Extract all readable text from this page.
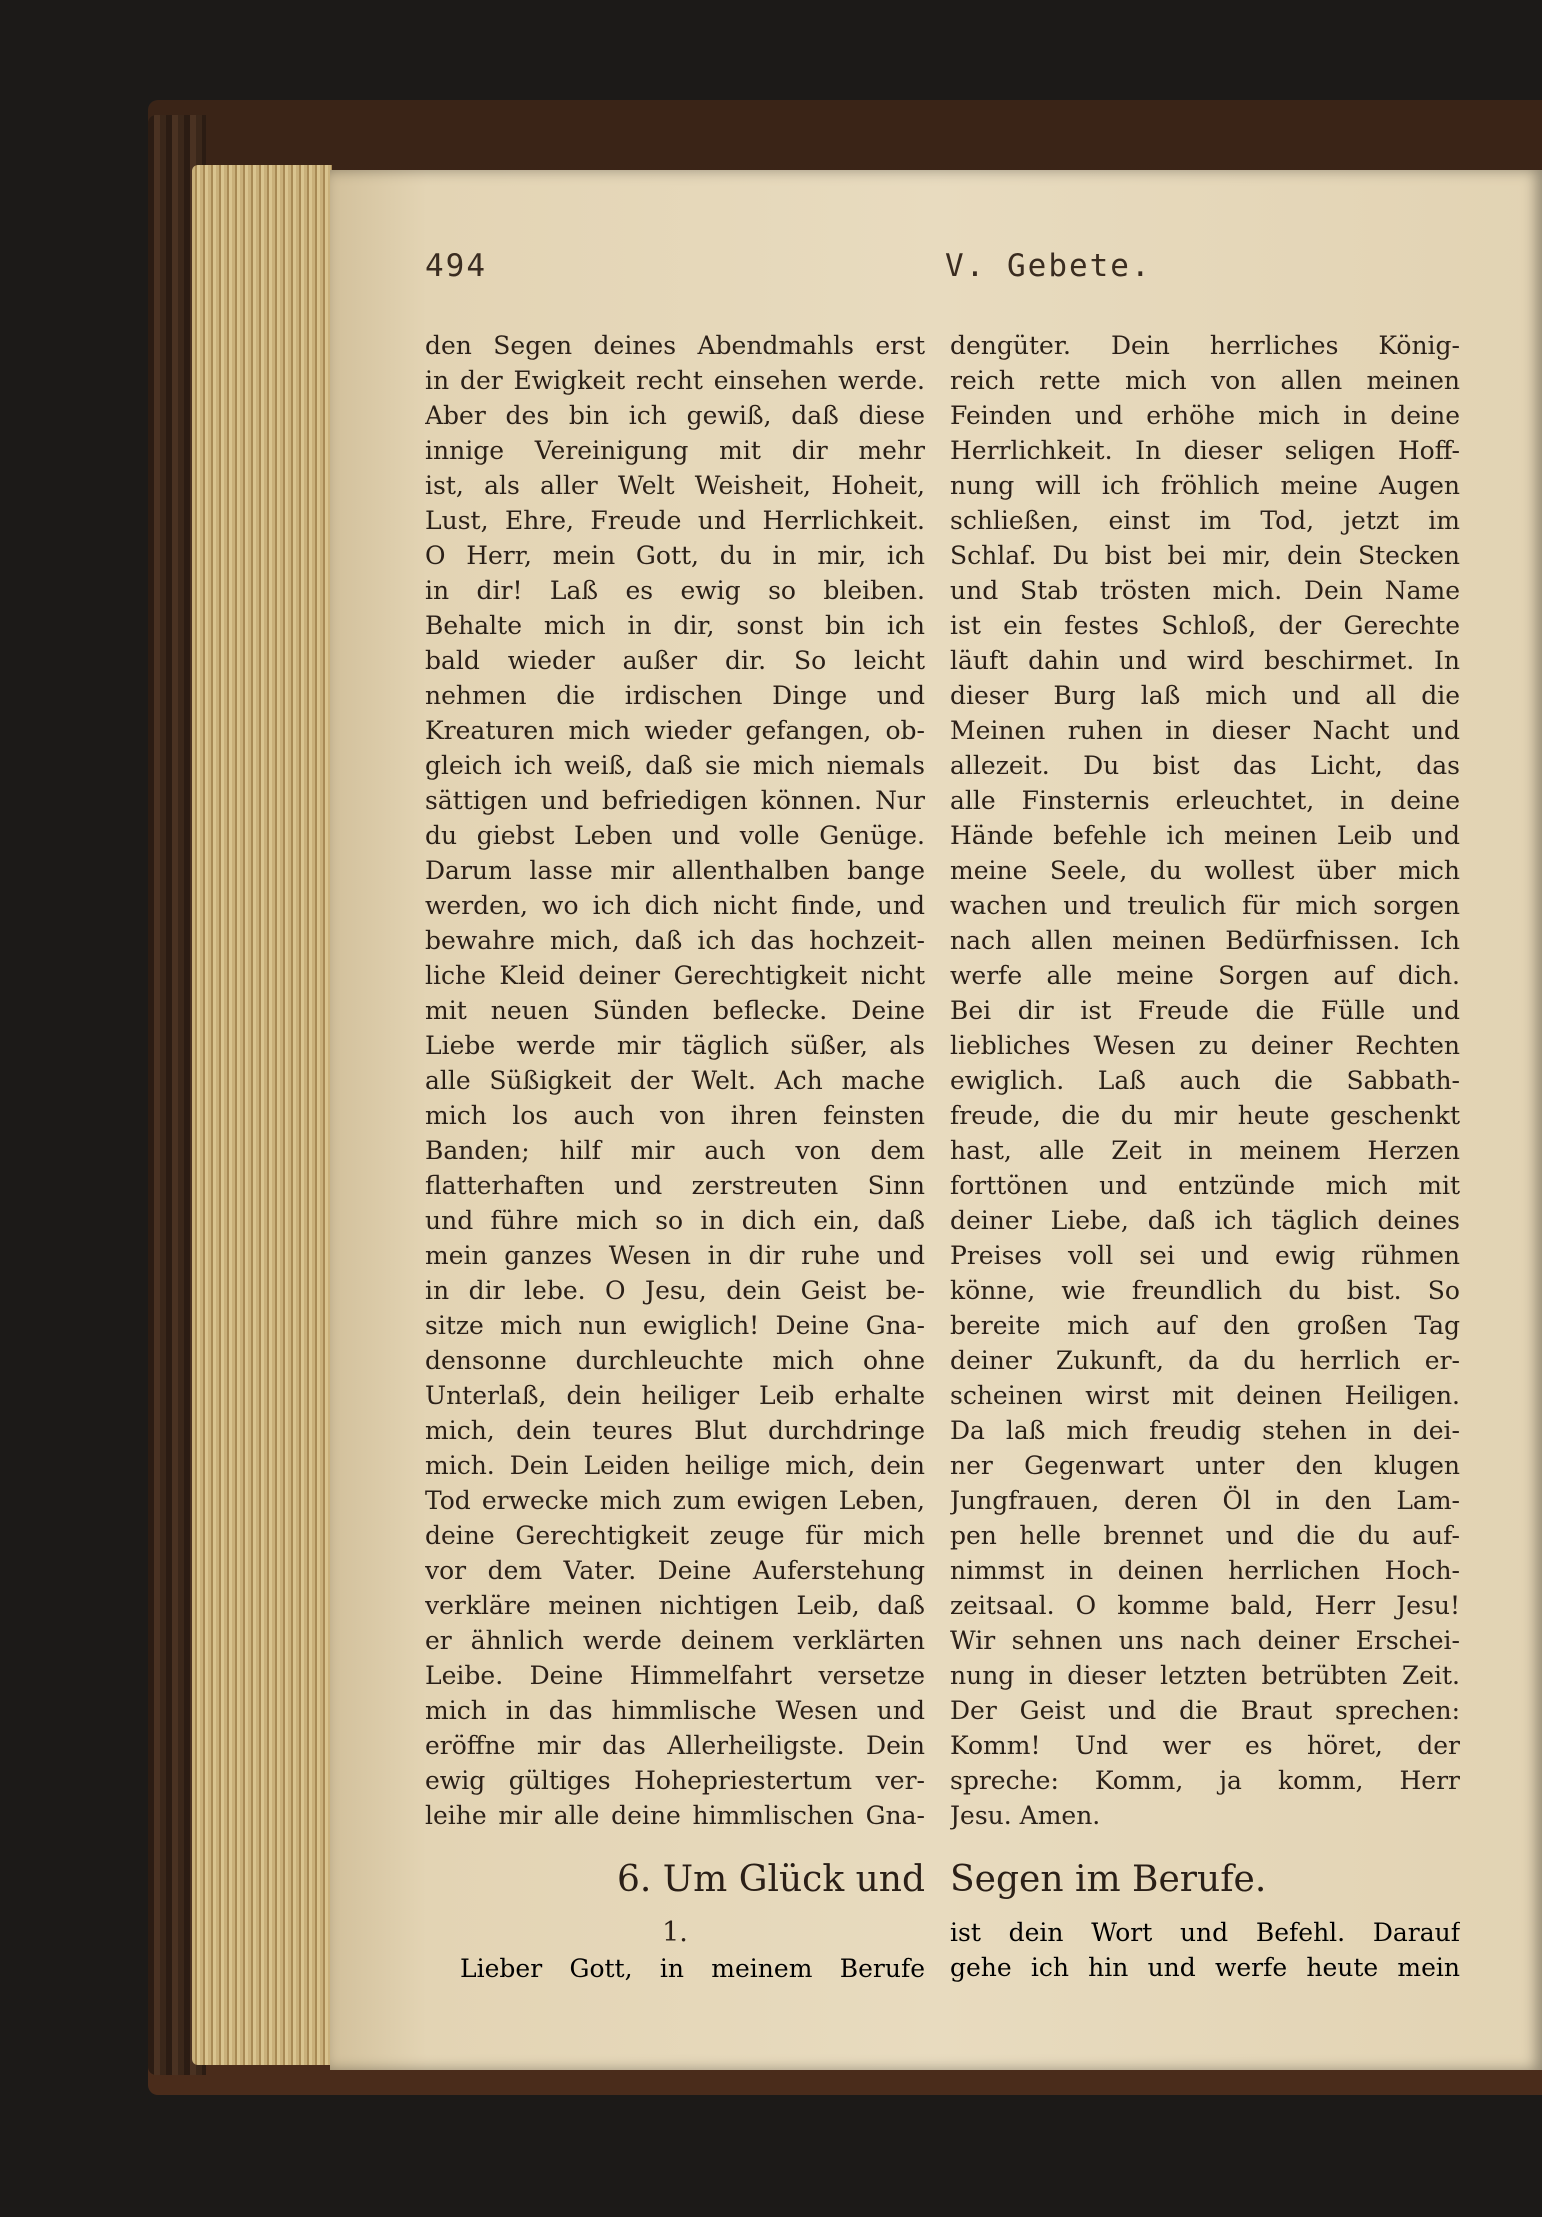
494	V. Gebete.
den Segen deines Abendmahls erst
in der Ewigkeit recht einsehen werde.
Aber des bin ich gewiß, daß diese
innige Vereinigung mit dir mehr
ist, als aller Welt Weisheit, Hoheit,
Lust, Ehre, Freude und Herrlichkeit.
O Herr, mein Gott, du in mir, ich
in dir! Laß es ewig so bleiben.
Behalte mich in dir, sonst bin ich
bald wieder außer dir. So leicht
nehmen die irdischen Dinge und
Kreaturen mich wieder gefangen, ob-
gleich ich weiß, daß sie mich niemals
sättigen und befriedigen können. Nur
du giebst Leben und volle Genüge.
Darum lasse mir allenthalben bange
werden, wo ich dich nicht finde, und
bewahre mich, daß ich das hochzeit-
liche Kleid deiner Gerechtigkeit nicht
mit neuen Sünden beflecke. Deine
Liebe werde mir täglich süßer, als
alle Süßigkeit der Welt. Ach mache
mich los auch von ihren feinsten
Banden; hilf mir auch von dem
flatterhaften und zerstreuten Sinn
und führe mich so in dich ein, daß
mein ganzes Wesen in dir ruhe und
in dir lebe. O Jesu, dein Geist be-
sitze mich nun ewiglich! Deine Gna-
densonne durchleuchte mich ohne
Unterlaß, dein heiliger Leib erhalte
mich, dein teures Blut durchdringe
mich. Dein Leiden heilige mich, dein
Tod erwecke mich zum ewigen Leben,
deine Gerechtigkeit zeuge für mich
vor dem Vater. Deine Auferstehung
verkläre meinen nichtigen Leib, daß
er ähnlich werde deinem verklärten
Leibe. Deine Himmelfahrt versetze
mich in das himmlische Wesen und
eröffne mir das Allerheiligste. Dein
ewig gültiges Hohepriestertum ver-
leihe mir alle deine himmlischen Gna-
dengüter. Dein herrliches König-
reich rette mich von allen meinen
Feinden und erhöhe mich in deine
Herrlichkeit. In dieser seligen Hoff-
nung will ich fröhlich meine Augen
schließen, einst im Tod, jetzt im
Schlaf. Du bist bei mir, dein Stecken
und Stab trösten mich. Dein Name
ist ein festes Schloß, der Gerechte
läuft dahin und wird beschirmet. In
dieser Burg laß mich und all die
Meinen ruhen in dieser Nacht und
allezeit. Du bist das Licht, das
alle Finsternis erleuchtet, in deine
Hände befehle ich meinen Leib und
meine Seele, du wollest über mich
wachen und treulich für mich sorgen
nach allen meinen Bedürfnissen. Ich
werfe alle meine Sorgen auf dich.
Bei dir ist Freude die Fülle und
liebliches Wesen zu deiner Rechten
ewiglich. Laß auch die Sabbath-
freude, die du mir heute geschenkt
hast, alle Zeit in meinem Herzen
forttönen und entzünde mich mit
deiner Liebe, daß ich täglich deines
Preises voll sei und ewig rühmen
könne, wie freundlich du bist. So
bereite mich auf den großen Tag
deiner Zukunft, da du herrlich er-
scheinen wirst mit deinen Heiligen.
Da laß mich freudig stehen in dei-
ner Gegenwart unter den klugen
Jungfrauen, deren Öl in den Lam-
pen helle brennet und die du auf-
nimmst in deinen herrlichen Hoch-
zeitsaal. O komme bald, Herr Jesu!
Wir sehnen uns nach deiner Erschei-
nung in dieser letzten betrübten Zeit.
Der Geist und die Braut sprechen:
Komm! Und wer es höret, der
spreche: Komm, ja komm, Herr
Jesu. Amen.
6. Um Glück und Segen im Berufe.
1.
Lieber Gott, in meinem Berufe
ist dein Wort und Befehl. Darauf
gehe ich hin und werfe heute mein
